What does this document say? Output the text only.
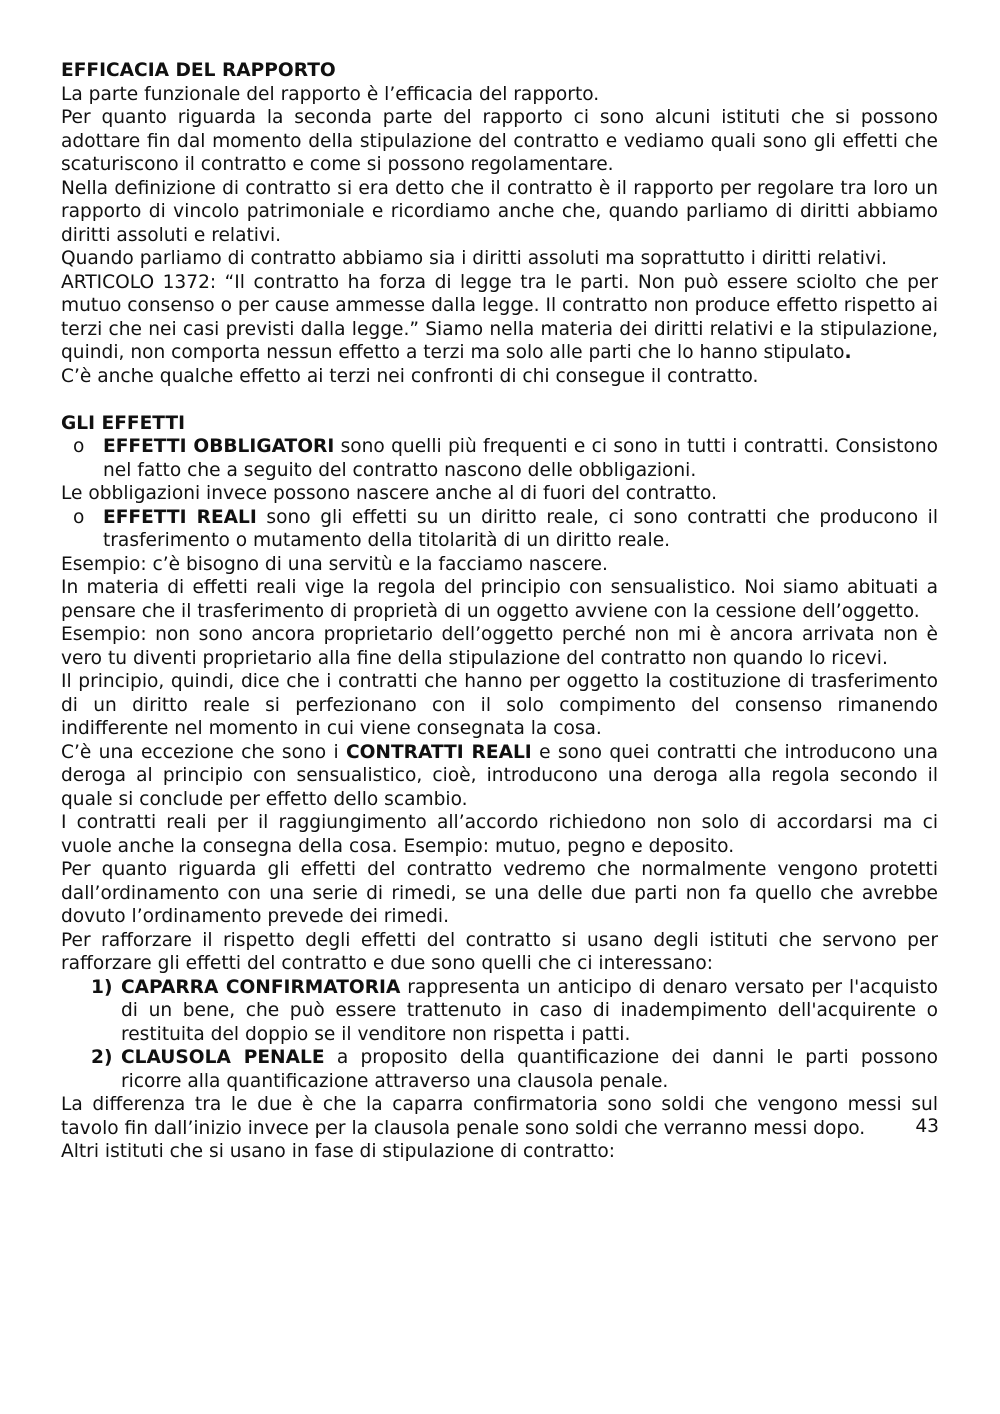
EFFICACIA DEL RAPPORTO

La parte funzionale del rapporto è l’efficacia del rapporto.

Per quanto riguarda la seconda parte del rapporto ci sono alcuni istituti che si possono adottare fin dal momento della stipulazione del contratto e vediamo quali sono gli effetti che scaturiscono il contratto e come si possono regolamentare.

Nella definizione di contratto si era detto che il contratto è il rapporto per regolare tra loro un rapporto di vincolo patrimoniale e ricordiamo anche che, quando parliamo di diritti abbiamo diritti assoluti e relativi.

Quando parliamo di contratto abbiamo sia i diritti assoluti ma soprattutto i diritti relativi.

ARTICOLO 1372: “Il contratto ha forza di legge tra le parti. Non può essere sciolto che per mutuo consenso o per cause ammesse dalla legge. Il contratto non produce effetto rispetto ai terzi che nei casi previsti dalla legge.” Siamo nella materia dei diritti relativi e la stipulazione, quindi, non comporta nessun effetto a terzi ma solo alle parti che lo hanno stipulato.

C’è anche qualche effetto ai terzi nei confronti di chi consegue il contratto.

GLI EFFETTI

o EFFETTI OBBLIGATORI sono quelli più frequenti e ci sono in tutti i contratti. Consistono nel fatto che a seguito del contratto nascono delle obbligazioni.

Le obbligazioni invece possono nascere anche al di fuori del contratto.

o EFFETTI REALI sono gli effetti su un diritto reale, ci sono contratti che producono il trasferimento o mutamento della titolarità di un diritto reale.

Esempio: c’è bisogno di una servitù e la facciamo nascere.

In materia di effetti reali vige la regola del principio con sensualistico. Noi siamo abituati a pensare che il trasferimento di proprietà di un oggetto avviene con la cessione dell’oggetto.

Esempio: non sono ancora proprietario dell’oggetto perché non mi è ancora arrivata non è vero tu diventi proprietario alla fine della stipulazione del contratto non quando lo ricevi.

Il principio, quindi, dice che i contratti che hanno per oggetto la costituzione di trasferimento di un diritto reale si perfezionano con il solo compimento del consenso rimanendo indifferente nel momento in cui viene consegnata la cosa.

C’è una eccezione che sono i CONTRATTI REALI e sono quei contratti che introducono una deroga al principio con sensualistico, cioè, introducono una deroga alla regola secondo il quale si conclude per effetto dello scambio.

I contratti reali per il raggiungimento all’accordo richiedono non solo di accordarsi ma ci vuole anche la consegna della cosa. Esempio: mutuo, pegno e deposito.

Per quanto riguarda gli effetti del contratto vedremo che normalmente vengono protetti dall’ordinamento con una serie di rimedi, se una delle due parti non fa quello che avrebbe dovuto l’ordinamento prevede dei rimedi.

Per rafforzare il rispetto degli effetti del contratto si usano degli istituti che servono per rafforzare gli effetti del contratto e due sono quelli che ci interessano:

1) CAPARRA CONFIRMATORIA rappresenta un anticipo di denaro versato per l'acquisto di un bene, che può essere trattenuto in caso di inadempimento dell'acquirente o restituita del doppio se il venditore non rispetta i patti.
2) CLAUSOLA PENALE a proposito della quantificazione dei danni le parti possono ricorre alla quantificazione attraverso una clausola penale.

La differenza tra le due è che la caparra confirmatoria sono soldi che vengono messi sul tavolo fin dall’inizio invece per la clausola penale sono soldi che verranno messi dopo.

Altri istituti che si usano in fase di stipulazione di contratto:

43
